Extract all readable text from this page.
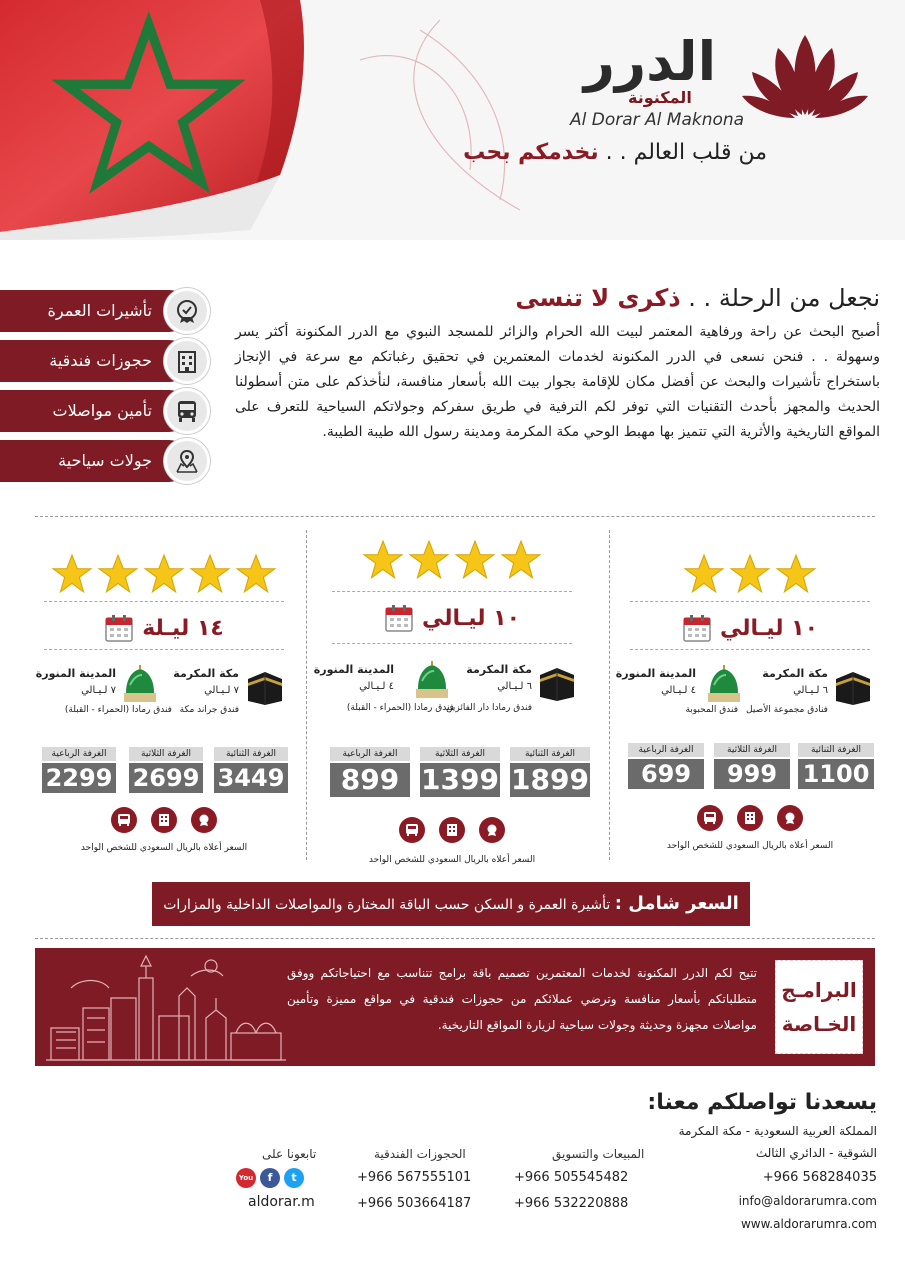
الدرر
المكنونة
Al Dorar Al Maknona
من قلب العالم . . نخدمكم بحب
تأشيرات العمرة
حجوزات فندقية
تأمين مواصلات
جولات سياحية
نجعل من الرحلة . . ذكرى لا تنسى
أصبح البحث عن راحة ورفاهية المعتمر لبيت الله الحرام والزائر للمسجد النبوي مع الدرر المكنونة أكثر يسر وسهولة . . فنحن نسعى في الدرر المكنونة لخدمات المعتمرين في تحقيق رغباتكم مع سرعة في الإنجاز باستخراج تأشيرات والبحث عن أفضل مكان للإقامة بجوار بيت الله بأسعار منافسة، لنأخذكم على متن أسطولنا الحديث والمجهز بأحدث التقنيات التي توفر لكم الترفية في طريق سفركم وجولاتكم السياحية للتعرف على المواقع التاريخية والأثرية التي تتميز بها مهبط الوحي مكة المكرمة ومدينة رسول الله طيبة الطيبة.
١٤ ليـلة
مكة المكرمة
٧ لـيـالي
فندق جراند مكة
المدينة المنورة
٧ لـيـالي
فندق رمادا (الحمراء - القبلة)
الغرفة الثنائية
3449
الغرفة الثلاثية
2699
الغرفة الرباعية
2299
السعر أعلاه بالريال السعودي للشخص الواحد
١٠ ليـالي
مكة المكرمة
٦ لـيـالي
فندق رمادا دار الفائزين
المدينة المنورة
٤ لـيـالي
فندق رمادا (الحمراء - القبلة)
الغرفة الثنائية
1899
الغرفة الثلاثية
1399
الغرفة الرباعية
899
السعر أعلاه بالريال السعودي للشخص الواحد
١٠ ليـالي
مكة المكرمة
٦ لـيـالي
فنادق مجموعة الأصيل
المدينة المنورة
٤ لـيـالي
فندق المحبوبة
الغرفة الثنائية
1100
الغرفة الثلاثية
999
الغرفة الرباعية
699
السعر أعلاه بالريال السعودي للشخص الواحد
السعر شامل : تأشيرة العمرة و السكن حسب الباقة المختارة والمواصلات الداخلية والمزارات
البرامـج
الخـاصة
تتيح لكم الدرر المكنونة لخدمات المعتمرين تصميم باقة برامج تتناسب مع احتياجاتكم ووفق متطلباتكم بأسعار منافسة وترضي عملائكم من حجوزات فندقية في مواقع مميزة وتأمين مواصلات مجهزة وحديثة وجولات سياحية لزيارة المواقع التاريخية.
يسعدنا تواصلكم معنا:
المملكة العربية السعودية - مكة المكرمة
الشوقية - الدائري الثالث
+966 568284035
info@aldorarumra.com
www.aldorarumra.com
المبيعات والتسويق
+966 505545482
+966 532220888
الحجوزات الفندقية
+966 567555101
+966 503664187
تابعونا على
You	f	t
aldorar.m
